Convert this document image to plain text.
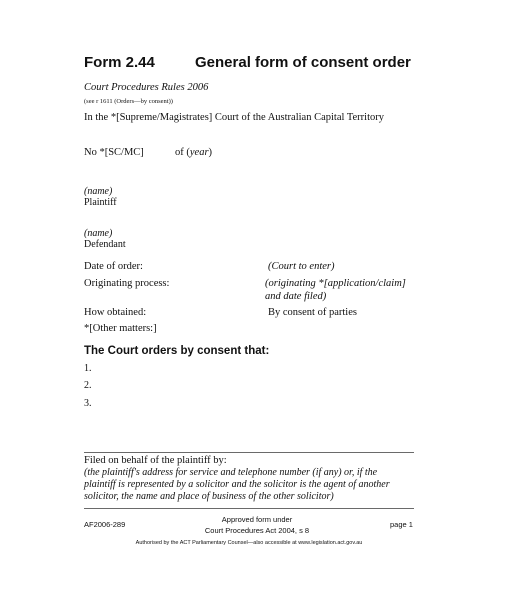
Form 2.44	General form of consent order
Court Procedures Rules 2006
(see r 1611 (Orders—by consent))
In the *[Supreme/Magistrates] Court of the Australian Capital Territory
No *[SC/MC]	of (year)
(name)
Plaintiff
(name)
Defendant
Date of order:	(Court to enter)
Originating process:	(originating *[application/claim]
and date filed)
How obtained:	By consent of parties
*[Other matters:]
The Court orders by consent that:
1.
2.
3.
Filed on behalf of the plaintiff by:
(the plaintiff's address for service and telephone number (if any) or, if the
plaintiff is represented by a solicitor and the solicitor is the agent of another
solicitor, the name and place of business of the other solicitor)
AF2006-289
Approved form under
Court Procedures Act 2004, s 8
page 1
Authorised by the ACT Parliamentary Counsel—also accessible at www.legislation.act.gov.au
